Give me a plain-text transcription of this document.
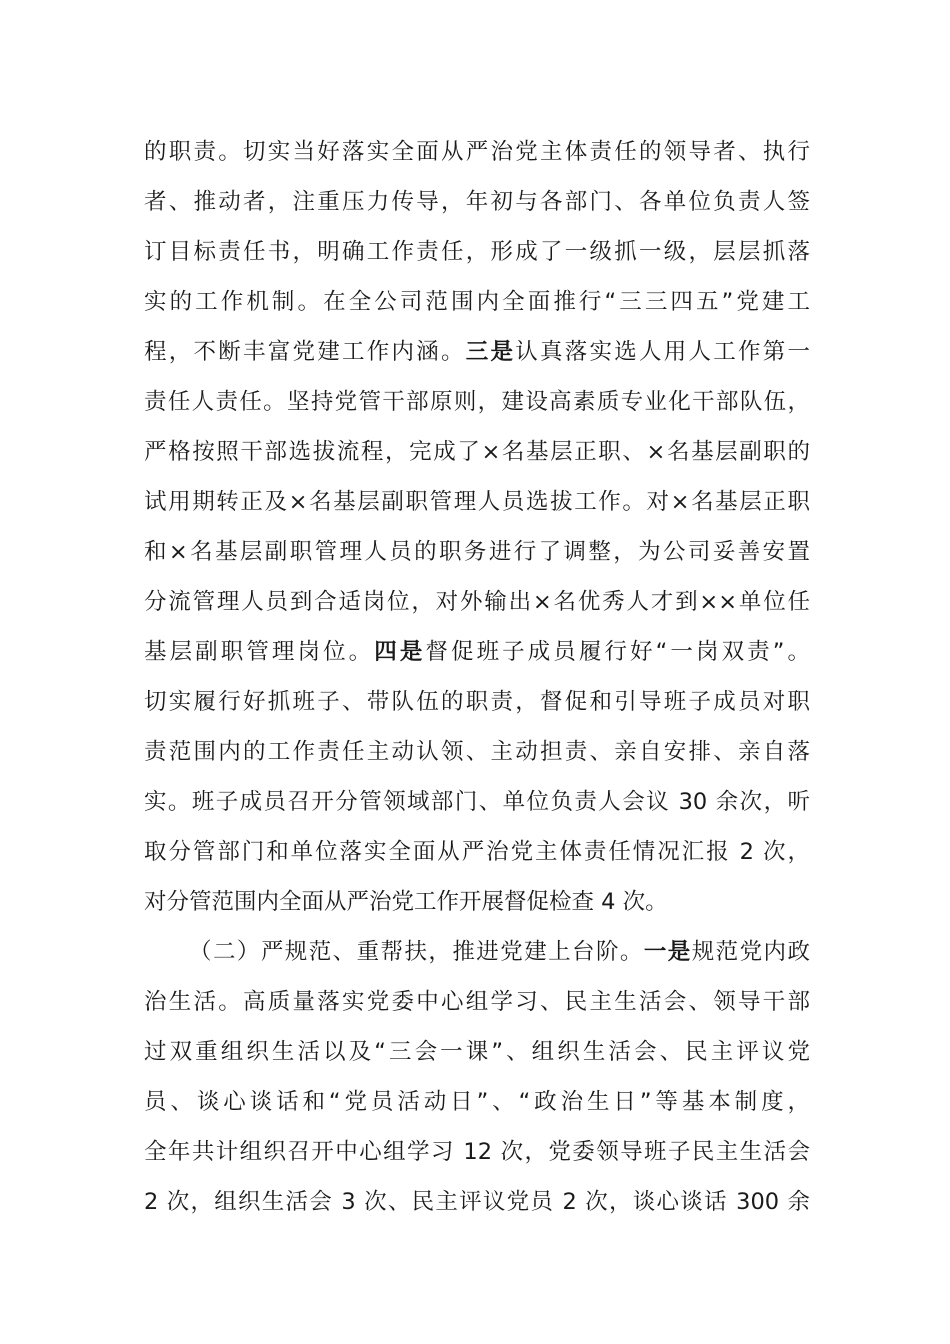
的职责。切实当好落实全面从严治党主体责任的领导者、执行
者、推动者，注重压力传导，年初与各部门、各单位负责人签
订目标责任书，明确工作责任，形成了一级抓一级，层层抓落
实的工作机制。在全公司范围内全面推行“三三四五”党建工
程，不断丰富党建工作内涵。三是认真落实选人用人工作第一
责任人责任。坚持党管干部原则，建设高素质专业化干部队伍，
严格按照干部选拔流程，完成了×名基层正职、×名基层副职的
试用期转正及×名基层副职管理人员选拔工作。对×名基层正职
和×名基层副职管理人员的职务进行了调整，为公司妥善安置
分流管理人员到合适岗位，对外输出×名优秀人才到××单位任
基层副职管理岗位。四是督促班子成员履行好“一岗双责”。
切实履行好抓班子、带队伍的职责，督促和引导班子成员对职
责范围内的工作责任主动认领、主动担责、亲自安排、亲自落
实。班子成员召开分管领域部门、单位负责人会议 30 余次，听
取分管部门和单位落实全面从严治党主体责任情况汇报 2 次，
对分管范围内全面从严治党工作开展督促检查 4 次。
（二）严规范、重帮扶，推进党建上台阶。一是规范党内政
治生活。高质量落实党委中心组学习、民主生活会、领导干部
过双重组织生活以及“三会一课”、组织生活会、民主评议党
员、谈心谈话和“党员活动日”、“政治生日”等基本制度，
全年共计组织召开中心组学习 12 次，党委领导班子民主生活会
2 次，组织生活会 3 次、民主评议党员 2 次，谈心谈话 300 余
